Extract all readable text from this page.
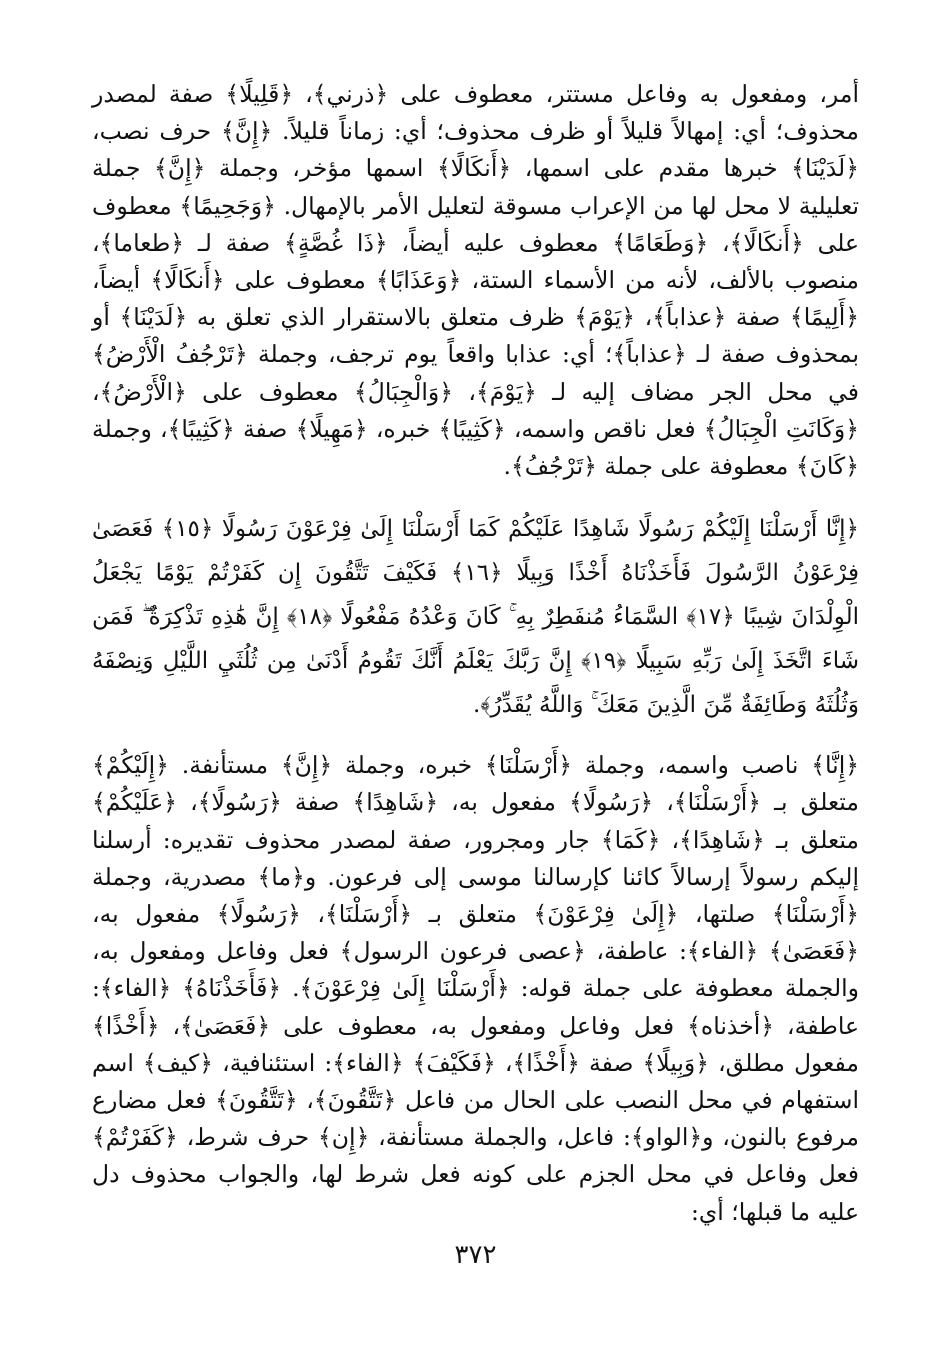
أمر، ومفعول به وفاعل مستتر، معطوف على ﴿ذرني﴾، ﴿قَلِيلًا﴾ صفة لمصدر محذوف؛ أي: إمهالاً قليلاً أو ظرف محذوف؛ أي: زماناً قليلاً. ﴿إِنَّ﴾ حرف نصب، ﴿لَدَيْنَا﴾ خبرها مقدم على اسمها، ﴿أَنكَالًا﴾ اسمها مؤخر، وجملة ﴿إِنَّ﴾ جملة تعليلية لا محل لها من الإعراب مسوقة لتعليل الأمر بالإمهال. ﴿وَجَحِيمًا﴾ معطوف على ﴿أَنكَالًا﴾، ﴿وَطَعَامًا﴾ معطوف عليه أيضاً، ﴿ذَا غُصَّةٍ﴾ صفة لـ ﴿طعاما﴾، منصوب بالألف، لأنه من الأسماء الستة، ﴿وَعَذَابًا﴾ معطوف على ﴿أَنكَالًا﴾ أيضاً، ﴿أَلِيمًا﴾ صفة ﴿عذاباً﴾، ﴿يَوْمَ﴾ ظرف متعلق بالاستقرار الذي تعلق به ﴿لَدَيْنَا﴾ أو بمحذوف صفة لـ ﴿عذاباً﴾؛ أي: عذابا واقعاً يوم ترجف، وجملة ﴿تَرْجُفُ الْأَرْضُ﴾ في محل الجر مضاف إليه لـ ﴿يَوْمَ﴾، ﴿وَالْجِبَالُ﴾ معطوف على ﴿الْأَرْضُ﴾، ﴿وَكَانَتِ الْجِبَالُ﴾ فعل ناقص واسمه، ﴿كَثِيبًا﴾ خبره، ﴿مَهِيلًا﴾ صفة ﴿كَثِيبًا﴾، وجملة ﴿كَانَ﴾ معطوفة على جملة ﴿تَرْجُفُ﴾.

﴿إِنَّا أَرْسَلْنَا إِلَيْكُمْ رَسُولًا شَاهِدًا عَلَيْكُمْ كَمَا أَرْسَلْنَا إِلَىٰ فِرْعَوْنَ رَسُولًا ﴿١٥﴾ فَعَصَىٰ فِرْعَوْنُ الرَّسُولَ فَأَخَذْنَاهُ أَخْذًا وَبِيلًا ﴿١٦﴾ فَكَيْفَ تَتَّقُونَ إِن كَفَرْتُمْ يَوْمًا يَجْعَلُ الْوِلْدَانَ شِيبًا ﴿١٧﴾ السَّمَاءُ مُنفَطِرٌ بِهِ ۚ كَانَ وَعْدُهُ مَفْعُولًا ﴿١٨﴾ إِنَّ هَٰذِهِ تَذْكِرَةٌ ۖ فَمَن شَاءَ اتَّخَذَ إِلَىٰ رَبِّهِ سَبِيلًا ﴿١٩﴾ إِنَّ رَبَّكَ يَعْلَمُ أَنَّكَ تَقُومُ أَدْنَىٰ مِن ثُلُثَيِ اللَّيْلِ وَنِصْفَهُ وَثُلُثَهُ وَطَائِفَةٌ مِّنَ الَّذِينَ مَعَكَ ۚ وَاللَّهُ يُقَدِّرُ﴾.

﴿إِنَّا﴾ ناصب واسمه، وجملة ﴿أَرْسَلْنَا﴾ خبره، وجملة ﴿إِنَّ﴾ مستأنفة. ﴿إِلَيْكُمْ﴾ متعلق بـ ﴿أَرْسَلْنَا﴾، ﴿رَسُولًا﴾ مفعول به، ﴿شَاهِدًا﴾ صفة ﴿رَسُولًا﴾، ﴿عَلَيْكُمْ﴾ متعلق بـ ﴿شَاهِدًا﴾، ﴿كَمَا﴾ جار ومجرور، صفة لمصدر محذوف تقديره: أرسلنا إليكم رسولاً إرسالاً كائنا كإرسالنا موسى إلى فرعون. و﴿ما﴾ مصدرية، وجملة ﴿أَرْسَلْنَا﴾ صلتها، ﴿إِلَىٰ فِرْعَوْنَ﴾ متعلق بـ ﴿أَرْسَلْنَا﴾، ﴿رَسُولًا﴾ مفعول به، ﴿فَعَصَىٰ﴾ ﴿الفاء﴾: عاطفة، ﴿عصى فرعون الرسول﴾ فعل وفاعل ومفعول به، والجملة معطوفة على جملة قوله: ﴿أَرْسَلْنَا إِلَىٰ فِرْعَوْنَ﴾. ﴿فَأَخَذْنَاهُ﴾ ﴿الفاء﴾: عاطفة، ﴿أخذناه﴾ فعل وفاعل ومفعول به، معطوف على ﴿فَعَصَىٰ﴾، ﴿أَخْذًا﴾ مفعول مطلق، ﴿وَبِيلًا﴾ صفة ﴿أَخْذًا﴾، ﴿فَكَيْفَ﴾ ﴿الفاء﴾: استئنافية، ﴿كيف﴾ اسم استفهام في محل النصب على الحال من فاعل ﴿تَتَّقُونَ﴾، ﴿تَتَّقُونَ﴾ فعل مضارع مرفوع بالنون، و﴿الواو﴾: فاعل، والجملة مستأنفة، ﴿إِن﴾ حرف شرط، ﴿كَفَرْتُمْ﴾ فعل وفاعل في محل الجزم على كونه فعل شرط لها، والجواب محذوف دل عليه ما قبلها؛ أي:

٣٧٢
